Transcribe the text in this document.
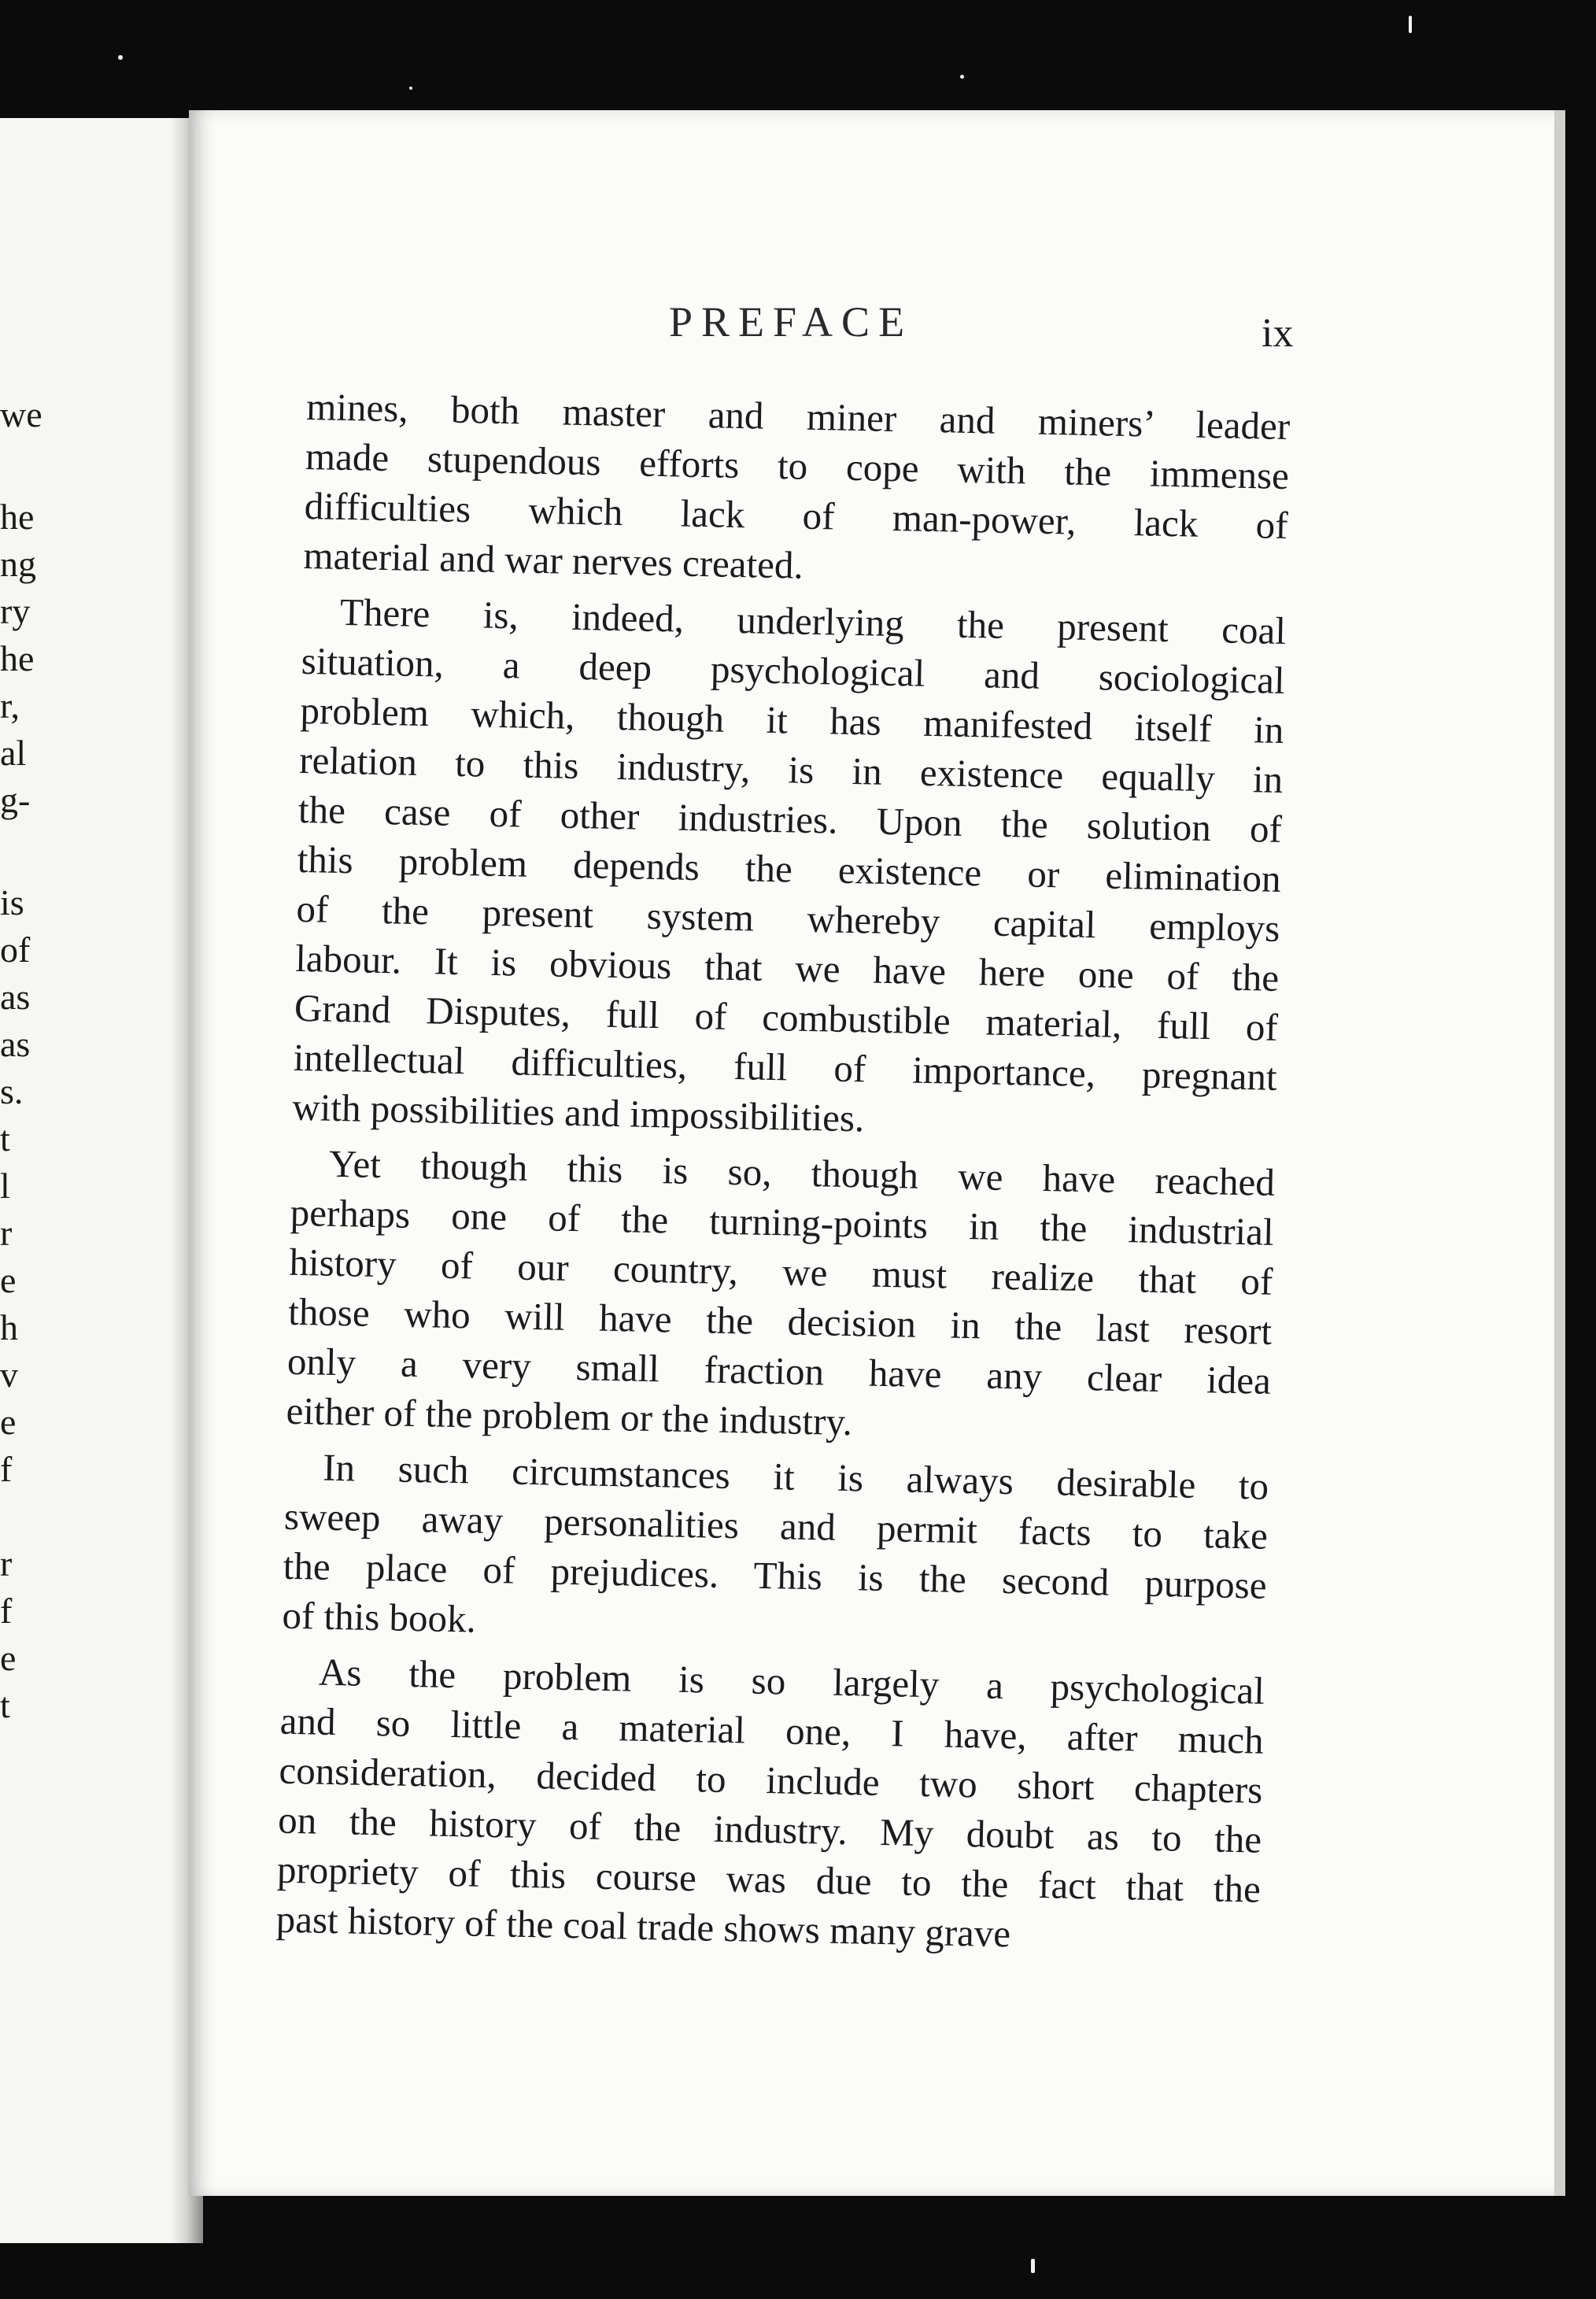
we
he
ng
ry
he
r,
al
g-
is
of
as
as
s.
t
l
r
e
h
v
e
f
r
f
e
t
PREFACE	ix
mines, both master and miner and miners’ leader
made stupendous efforts to cope with the immense
difficulties which lack of man-power, lack of
material and war nerves created.
There is, indeed, underlying the present coal
situation, a deep psychological and sociological
problem which, though it has manifested itself in
relation to this industry, is in existence equally in
the case of other industries. Upon the solution of
this problem depends the existence or elimination
of the present system whereby capital employs
labour. It is obvious that we have here one of the
Grand Disputes, full of combustible material, full of
intellectual difficulties, full of importance, pregnant
with possibilities and impossibilities.
Yet though this is so, though we have reached
perhaps one of the turning-points in the industrial
history of our country, we must realize that of
those who will have the decision in the last resort
only a very small fraction have any clear idea
either of the problem or the industry.
In such circumstances it is always desirable to
sweep away personalities and permit facts to take
the place of prejudices. This is the second purpose
of this book.
As the problem is so largely a psychological
and so little a material one, I have, after much
consideration, decided to include two short chapters
on the history of the industry. My doubt as to the
propriety of this course was due to the fact that the
past history of the coal trade shows many grave
